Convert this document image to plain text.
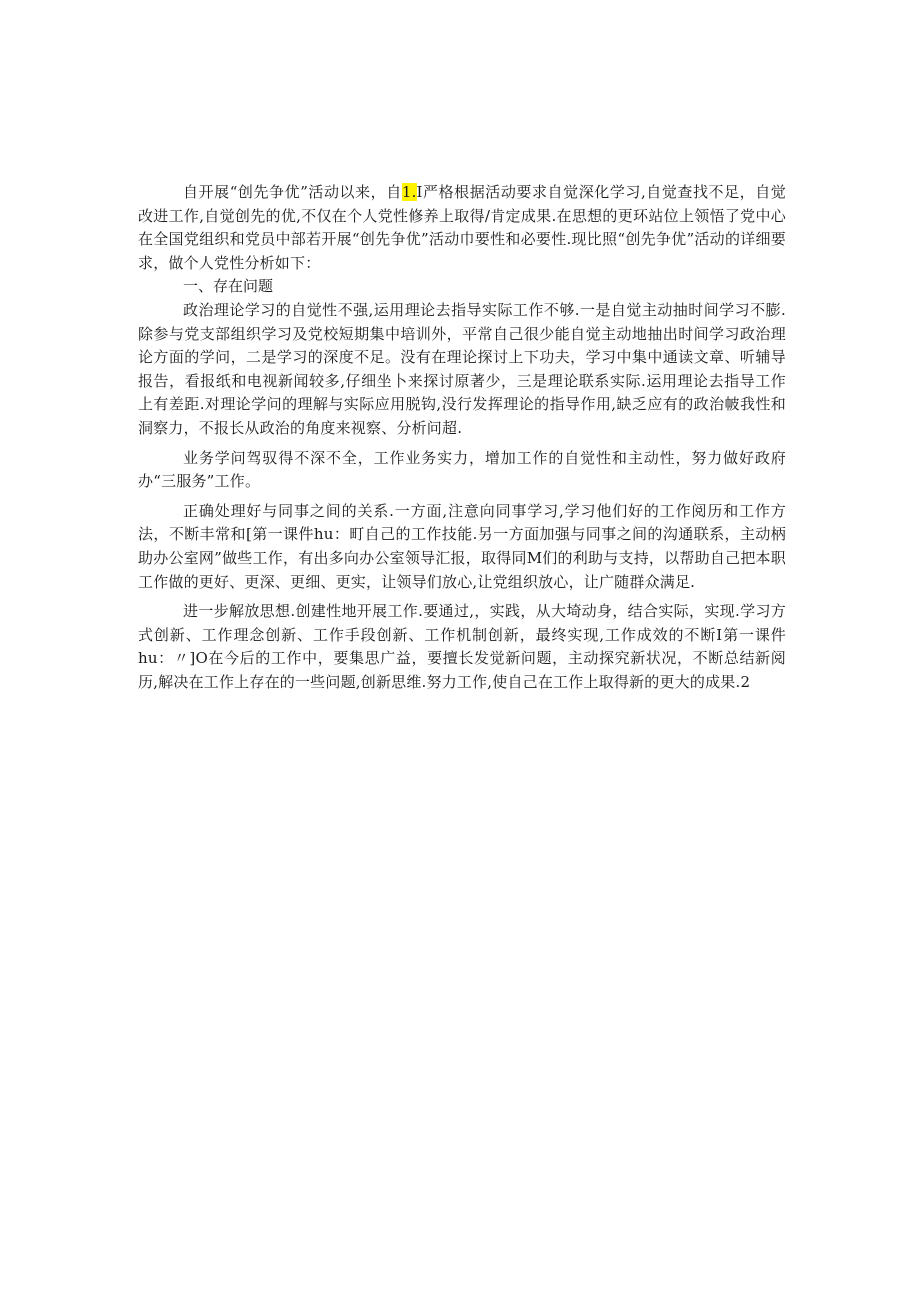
自开展“创先争优”活动以来，自1.I严格根据活动要求自觉深化学习,自觉查找不足，自觉改进工作,自觉创先的优,不仅在个人党性修养上取得/肯定成果.在思想的更环站位上领悟了党中心在全国党组织和党员中部若开展“创先争优”活动巾要性和必要性.现比照“创先争优”活动的详细要求，做个人党性分析如下：

一、存在问题

政治理论学习的自觉性不强,运用理论去指导实际工作不够.一是自觉主动抽时间学习不膨.除参与党支部组织学习及党校短期集中培训外，平常自己很少能自觉主动地抽出时间学习政治理论方面的学问，二是学习的深度不足。没有在理论探讨上下功夫，学习中集中通读文章、听辅导报告，看报纸和电视新闻较多,仔细坐卜来探讨原著少，三是理论联系实际.运用理论去指导工作上有差距.对理论学问的理解与实际应用脱钩,没行发挥理论的指导作用,缺乏应有的政治帔我性和洞察力，不报长从政治的角度来视察、分析问超.

业务学问驾驭得不深不全，工作业务实力，增加工作的自觉性和主动性，努力做好政府办“三服务”工作。

正确处理好与同事之间的关系.一方面,注意向同事学习,学习他们好的工作阅历和工作方法，不断丰常和[第一课件hu：町自己的工作技能.另一方面加强与同事之间的沟通联系，主动柄助办公室网”做些工作，有出多向办公室领导汇报，取得同M们的利助与支持，以帮助自己把本职工作做的更好、更深、更细、更实，让领导们放心,让党组织放心，让广随群众满足.

进一步解放思想.创建性地开展工作.要通过,，实践，从大埼动身，结合实际，实现.学习方式创新、工作理念创新、工作手段创新、工作机制创新，最终实现,工作成效的不断I第一课件hu：〃]O在今后的工作中，要集思广益，要擅长发觉新问题，主动探究新状况，不断总结新阅历,解决在工作上存在的一些问题,创新思维.努力工作,使自己在工作上取得新的更大的成果.2
